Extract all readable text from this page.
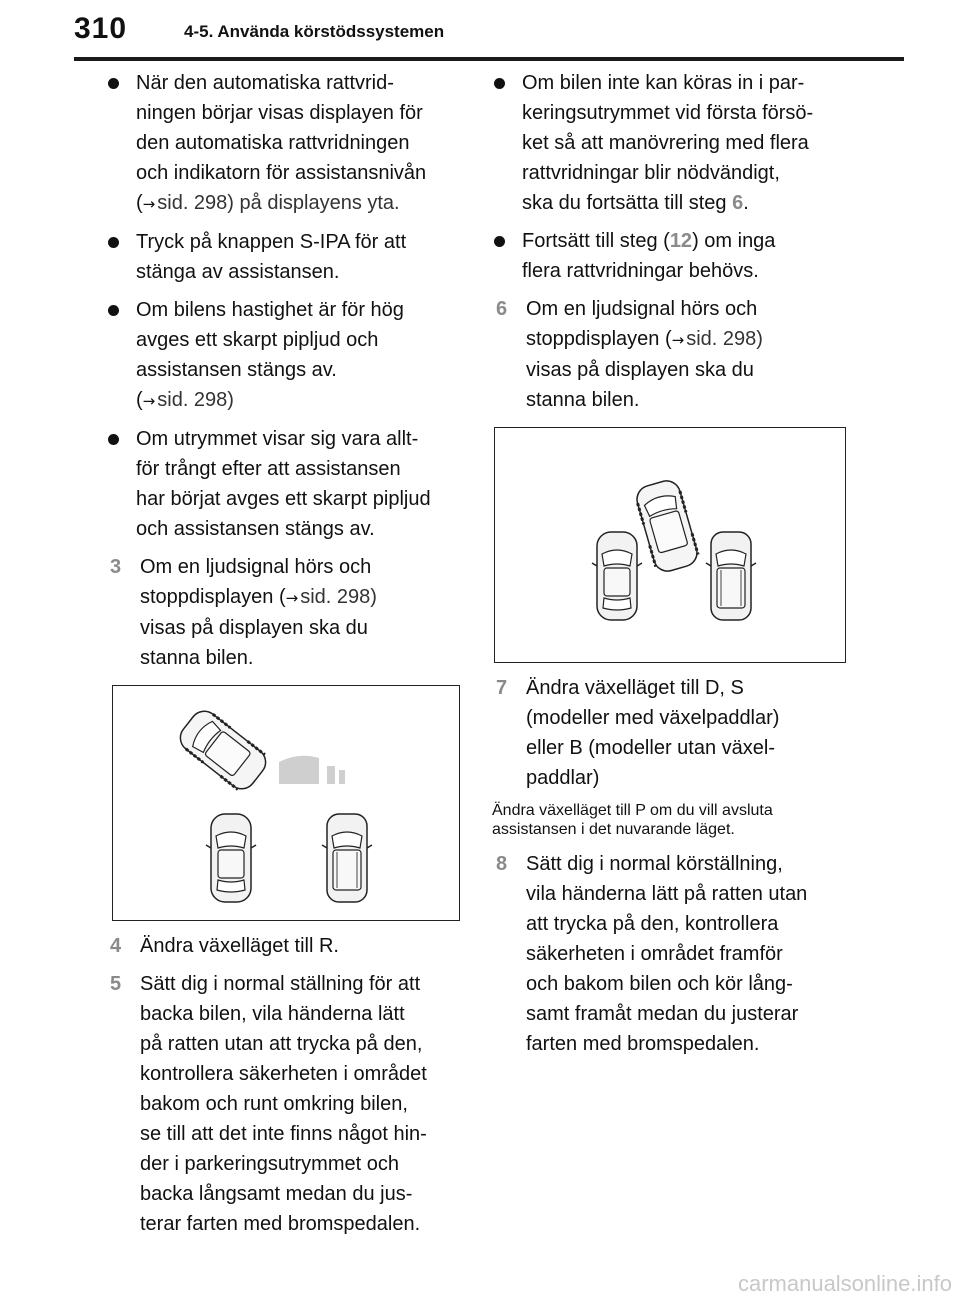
310	4-5. Använda körstödssystemen
När den automatiska rattvrid-
ningen börjar visas displayen för
den automatiska rattvridningen
och indikatorn för assistansnivån
(→ sid. 298) på displayens yta.
Tryck på knappen S-IPA för att
stänga av assistansen.
Om bilens hastighet är för hög
avges ett skarpt pipljud och
assistansen stängs av.
(→ sid. 298)
Om utrymmet visar sig vara allt-
för trångt efter att assistansen
har börjat avges ett skarpt pipljud
och assistansen stängs av.
3 Om en ljudsignal hörs och
stoppdisplayen (→ sid. 298)
visas på displayen ska du
stanna bilen.
4 Ändra växelläget till R.
5 Sätt dig i normal ställning för att
backa bilen, vila händerna lätt
på ratten utan att trycka på den,
kontrollera säkerheten i området
bakom och runt omkring bilen,
se till att det inte finns något hin-
der i parkeringsutrymmet och
backa långsamt medan du jus-
terar farten med bromspedalen.
Om bilen inte kan köras in i par-
keringsutrymmet vid första försö-
ket så att manövrering med flera
rattvridningar blir nödvändigt,
ska du fortsätta till steg 6.
Fortsätt till steg (12) om inga
flera rattvridningar behövs.
6 Om en ljudsignal hörs och
stoppdisplayen (→ sid. 298)
visas på displayen ska du
stanna bilen.
7 Ändra växelläget till D, S
(modeller med växelpaddlar)
eller B (modeller utan växel-
paddlar)
Ändra växelläget till P om du vill avsluta
assistansen i det nuvarande läget.
8 Sätt dig i normal körställning,
vila händerna lätt på ratten utan
att trycka på den, kontrollera
säkerheten i området framför
och bakom bilen och kör lång-
samt framåt medan du justerar
farten med bromspedalen.
carmanualsonline.info
